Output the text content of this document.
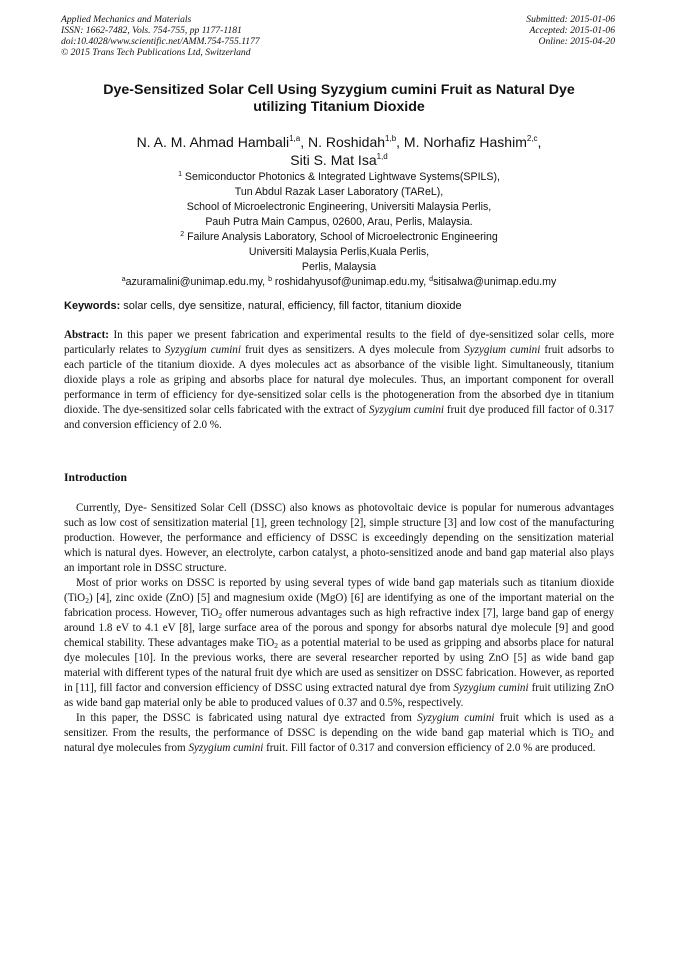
Applied Mechanics and Materials
ISSN: 1662-7482, Vols. 754-755, pp 1177-1181
doi:10.4028/www.scientific.net/AMM.754-755.1177
© 2015 Trans Tech Publications Ltd, Switzerland
Submitted: 2015-01-06
Accepted: 2015-01-06
Online: 2015-04-20
Dye-Sensitized Solar Cell Using Syzygium cumini Fruit as Natural Dye
utilizing Titanium Dioxide
N. A. M. Ahmad Hambali$^{1,a}$, N. Roshidah$^{1,b}$, M. Norhafiz Hashim$^{2,c}$,
Siti S. Mat Isa$^{1,d}$
$^1$ Semiconductor Photonics & Integrated Lightwave Systems(SPILS),
Tun Abdul Razak Laser Laboratory (TAReL),
School of Microelectronic Engineering, Universiti Malaysia Perlis,
Pauh Putra Main Campus, 02600, Arau, Perlis, Malaysia.
$^2$ Failure Analysis Laboratory, School of Microelectronic Engineering
Universiti Malaysia Perlis,Kuala Perlis,
Perlis, Malaysia
$^a$azuramalini@unimap.edu.my, $^b$ roshidahyusof@unimap.edu.my, $^d$sitisalwa@unimap.edu.my
Keywords: solar cells, dye sensitize, natural, efficiency, fill factor, titanium dioxide

Abstract: In this paper we present fabrication and experimental results to the field of dye-sensitized solar cells, more particularly relates to Syzygium cumini fruit dyes as sensitizers. A dyes molecule from Syzygium cumini fruit adsorbs to each particle of the titanium dioxide. A dyes molecules act as absorbance of the visible light. Simultaneously, titanium dioxide plays a role as griping and absorbs place for natural dye molecules. Thus, an important component for overall performance in term of efficiency for dye-sensitized solar cells is the photogeneration from the absorbed dye in titanium dioxide. The dye-sensitized solar cells fabricated with the extract of Syzygium cumini fruit dye produced fill factor of 0.317 and conversion efficiency of 2.0 %.

Introduction

Currently, Dye- Sensitized Solar Cell (DSSC) also knows as photovoltaic device is popular for numerous advantages such as low cost of sensitization material [1], green technology [2], simple structure [3] and low cost of the manufacturing production. However, the performance and efficiency of DSSC is exceedingly depending on the sensitization material which is natural dyes. However, an electrolyte, carbon catalyst, a photo-sensitized anode and band gap material also plays an important role in DSSC structure.

Most of prior works on DSSC is reported by using several types of wide band gap materials such as titanium dioxide (TiO$_2$) [4], zinc oxide (ZnO) [5] and magnesium oxide (MgO) [6] are identifying as one of the important material on the fabrication process. However, TiO$_2$ offer numerous advantages such as high refractive index [7], large band gap of energy around 1.8 eV to 4.1 eV [8], large surface area of the porous and spongy for absorbs natural dye molecule [9] and good chemical stability. These advantages make TiO$_2$ as a potential material to be used as gripping and absorbs place for natural dye molecules [10]. In the previous works, there are several researcher reported by using ZnO [5] as wide band gap material with different types of the natural fruit dye which are used as sensitizer on DSSC fabrication. However, as reported in [11], fill factor and conversion efficiency of DSSC using extracted natural dye from Syzygium cumini fruit utilizing ZnO as wide band gap material only be able to produced values of 0.37 and 0.5%, respectively.

In this paper, the DSSC is fabricated using natural dye extracted from Syzygium cumini fruit which is used as a sensitizer. From the results, the performance of DSSC is depending on the wide band gap material which is TiO$_2$ and natural dye molecules from Syzygium cumini fruit. Fill factor of 0.317 and conversion efficiency of 2.0 % are produced.
